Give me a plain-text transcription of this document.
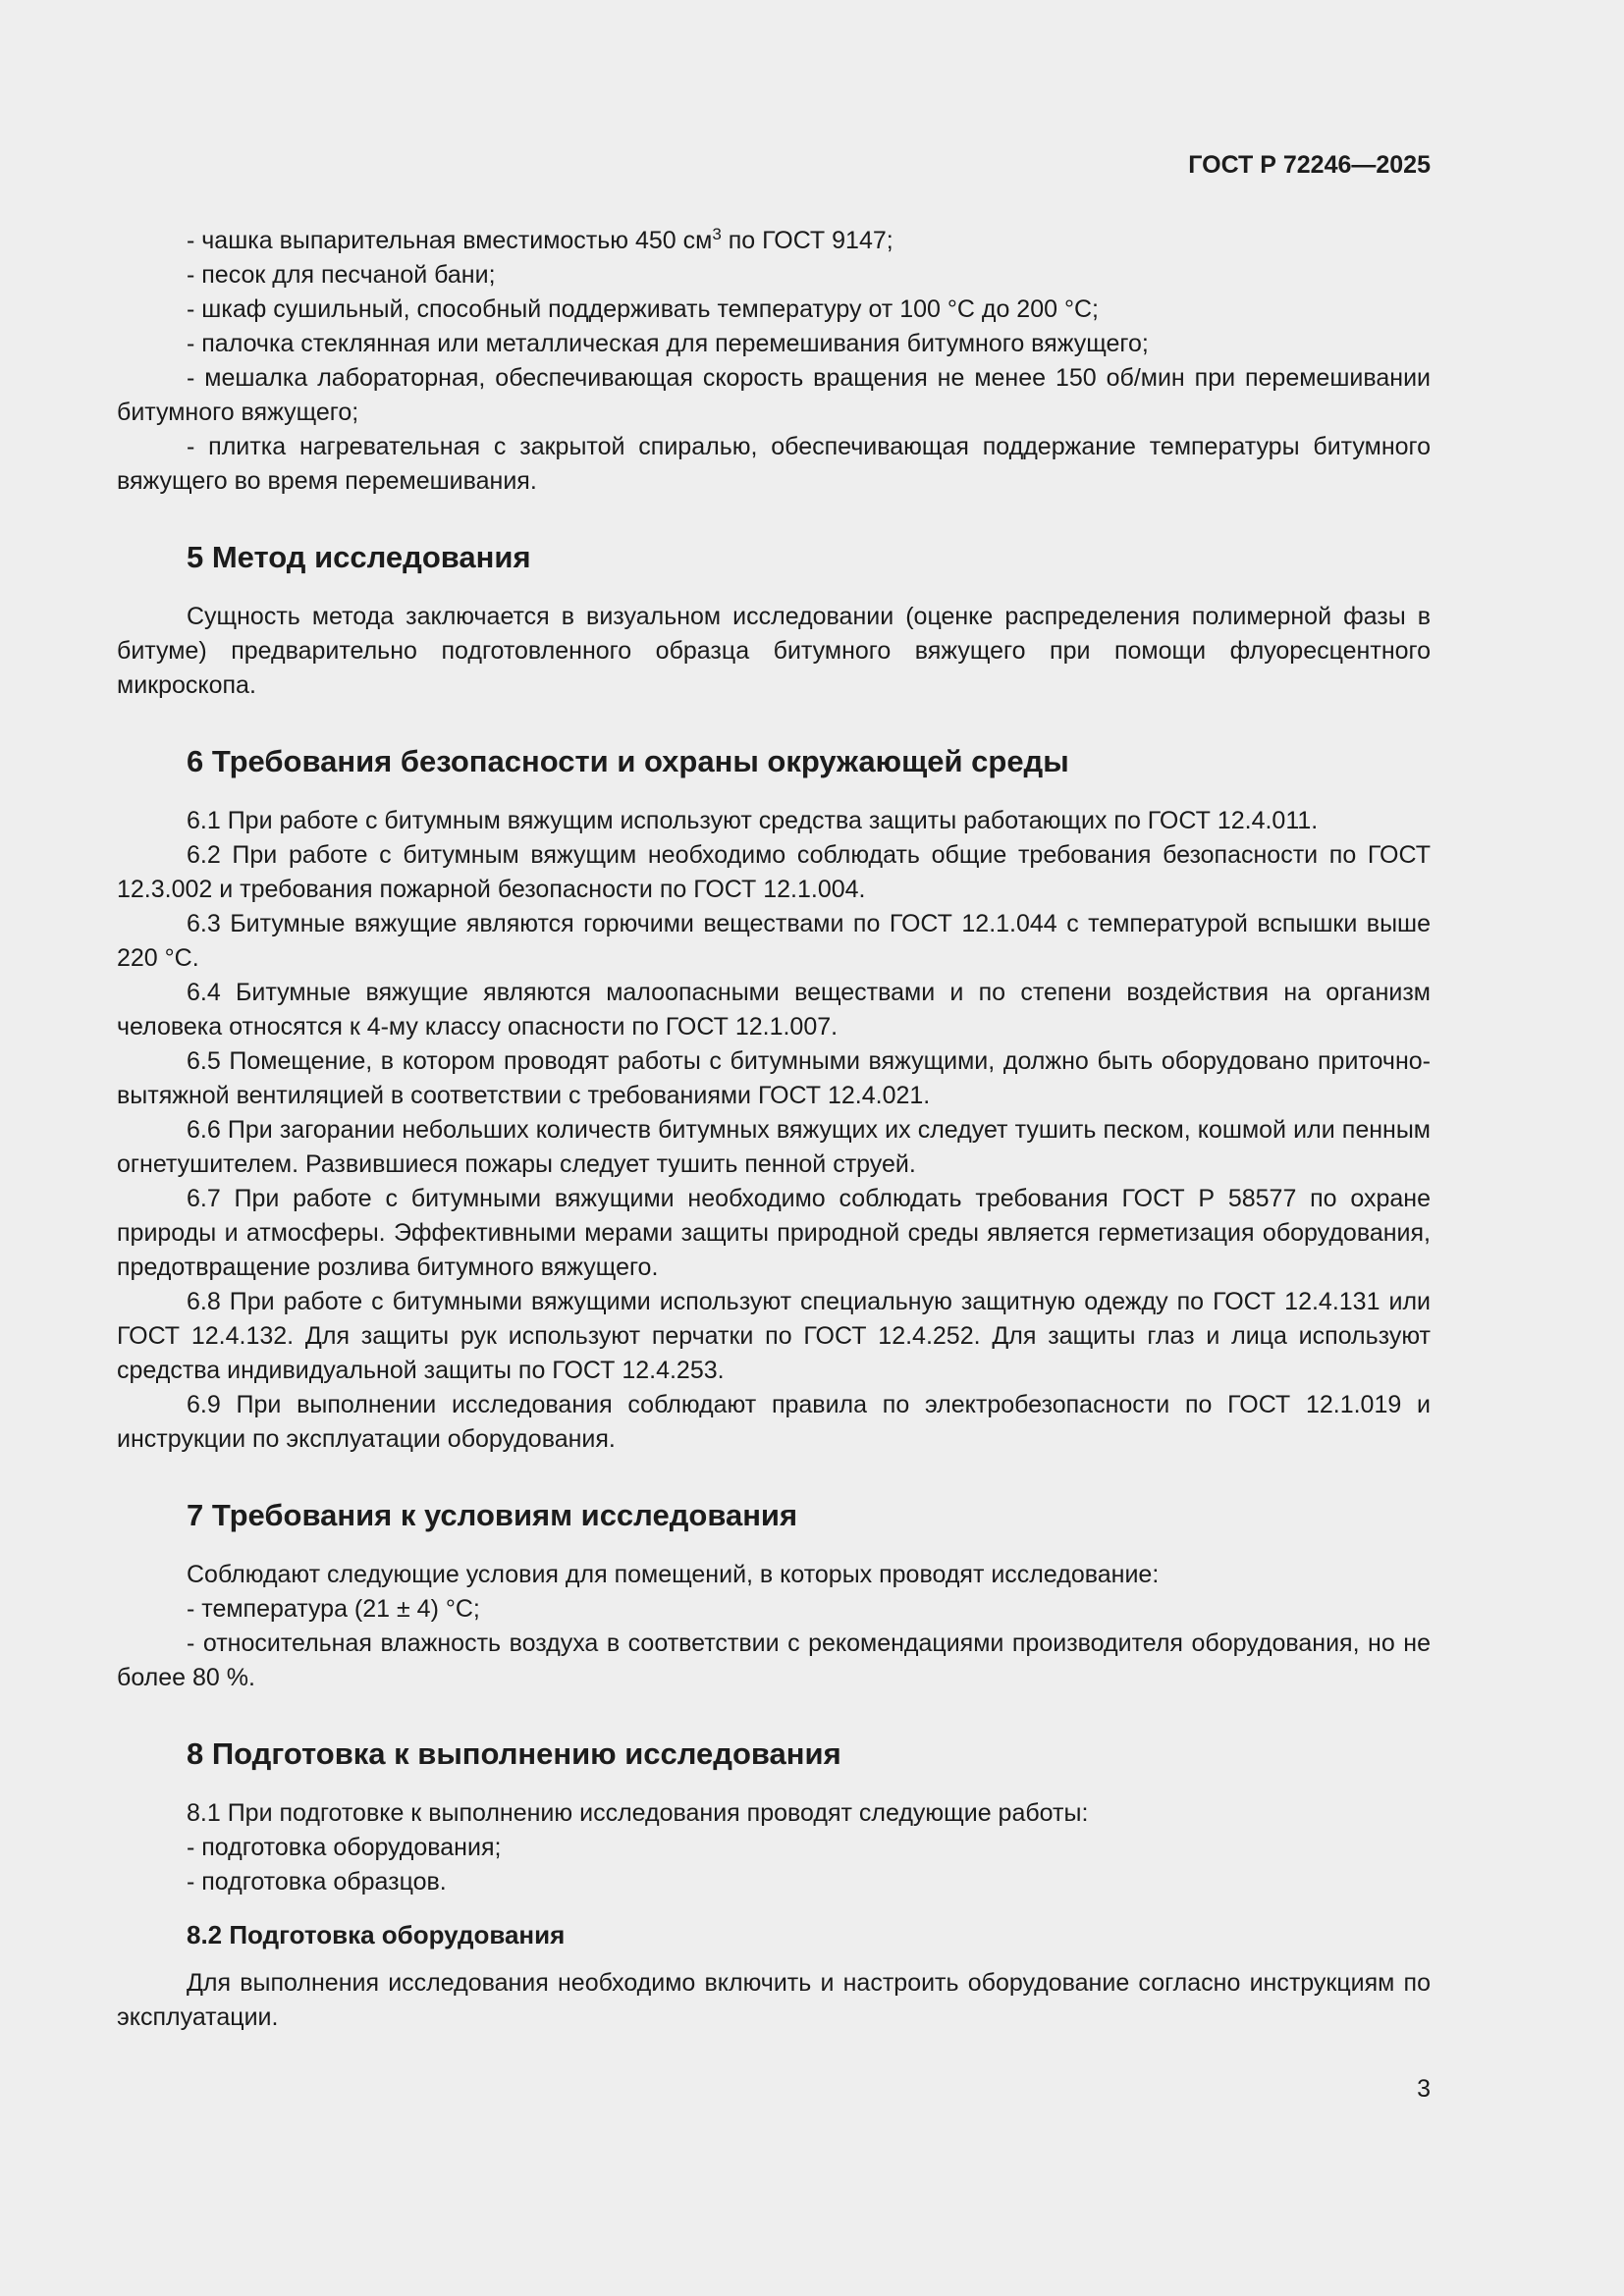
ГОСТ Р 72246—2025

- чашка выпарительная вместимостью 450 $см^3$ по ГОСТ 9147;

- песок для песчаной бани;

- шкаф сушильный, способный поддерживать температуру от 100 °С до 200 °С;

- палочка стеклянная или металлическая для перемешивания битумного вяжущего;

- мешалка лабораторная, обеспечивающая скорость вращения не менее 150 об/мин при перемешивании битумного вяжущего;

- плитка нагревательная с закрытой спиралью, обеспечивающая поддержание температуры битумного вяжущего во время перемешивания.

5 Метод исследования

Сущность метода заключается в визуальном исследовании (оценке распределения полимерной фазы в битуме) предварительно подготовленного образца битумного вяжущего при помощи флуоресцентного микроскопа.

6 Требования безопасности и охраны окружающей среды

6.1 При работе с битумным вяжущим используют средства защиты работающих по ГОСТ 12.4.011.

6.2 При работе с битумным вяжущим необходимо соблюдать общие требования безопасности по ГОСТ 12.3.002 и требования пожарной безопасности по ГОСТ 12.1.004.

6.3 Битумные вяжущие являются горючими веществами по ГОСТ 12.1.044 с температурой вспышки выше 220 °С.

6.4 Битумные вяжущие являются малоопасными веществами и по степени воздействия на организм человека относятся к 4-му классу опасности по ГОСТ 12.1.007.

6.5 Помещение, в котором проводят работы с битумными вяжущими, должно быть оборудовано приточно-вытяжной вентиляцией в соответствии с требованиями ГОСТ 12.4.021.

6.6 При загорании небольших количеств битумных вяжущих их следует тушить песком, кошмой или пенным огнетушителем. Развившиеся пожары следует тушить пенной струей.

6.7 При работе с битумными вяжущими необходимо соблюдать требования ГОСТ Р 58577 по охране природы и атмосферы. Эффективными мерами защиты природной среды является герметизация оборудования, предотвращение розлива битумного вяжущего.

6.8 При работе с битумными вяжущими используют специальную защитную одежду по ГОСТ 12.4.131 или ГОСТ 12.4.132. Для защиты рук используют перчатки по ГОСТ 12.4.252. Для защиты глаз и лица используют средства индивидуальной защиты по ГОСТ 12.4.253.

6.9 При выполнении исследования соблюдают правила по электробезопасности по ГОСТ 12.1.019 и инструкции по эксплуатации оборудования.

7 Требования к условиям исследования

Соблюдают следующие условия для помещений, в которых проводят исследование:

- температура (21 ± 4) °С;

- относительная влажность воздуха в соответствии с рекомендациями производителя оборудования, но не более 80 %.

8 Подготовка к выполнению исследования

8.1 При подготовке к выполнению исследования проводят следующие работы:

- подготовка оборудования;

- подготовка образцов.

8.2 Подготовка оборудования

Для выполнения исследования необходимо включить и настроить оборудование согласно инструкциям по эксплуатации.

3
